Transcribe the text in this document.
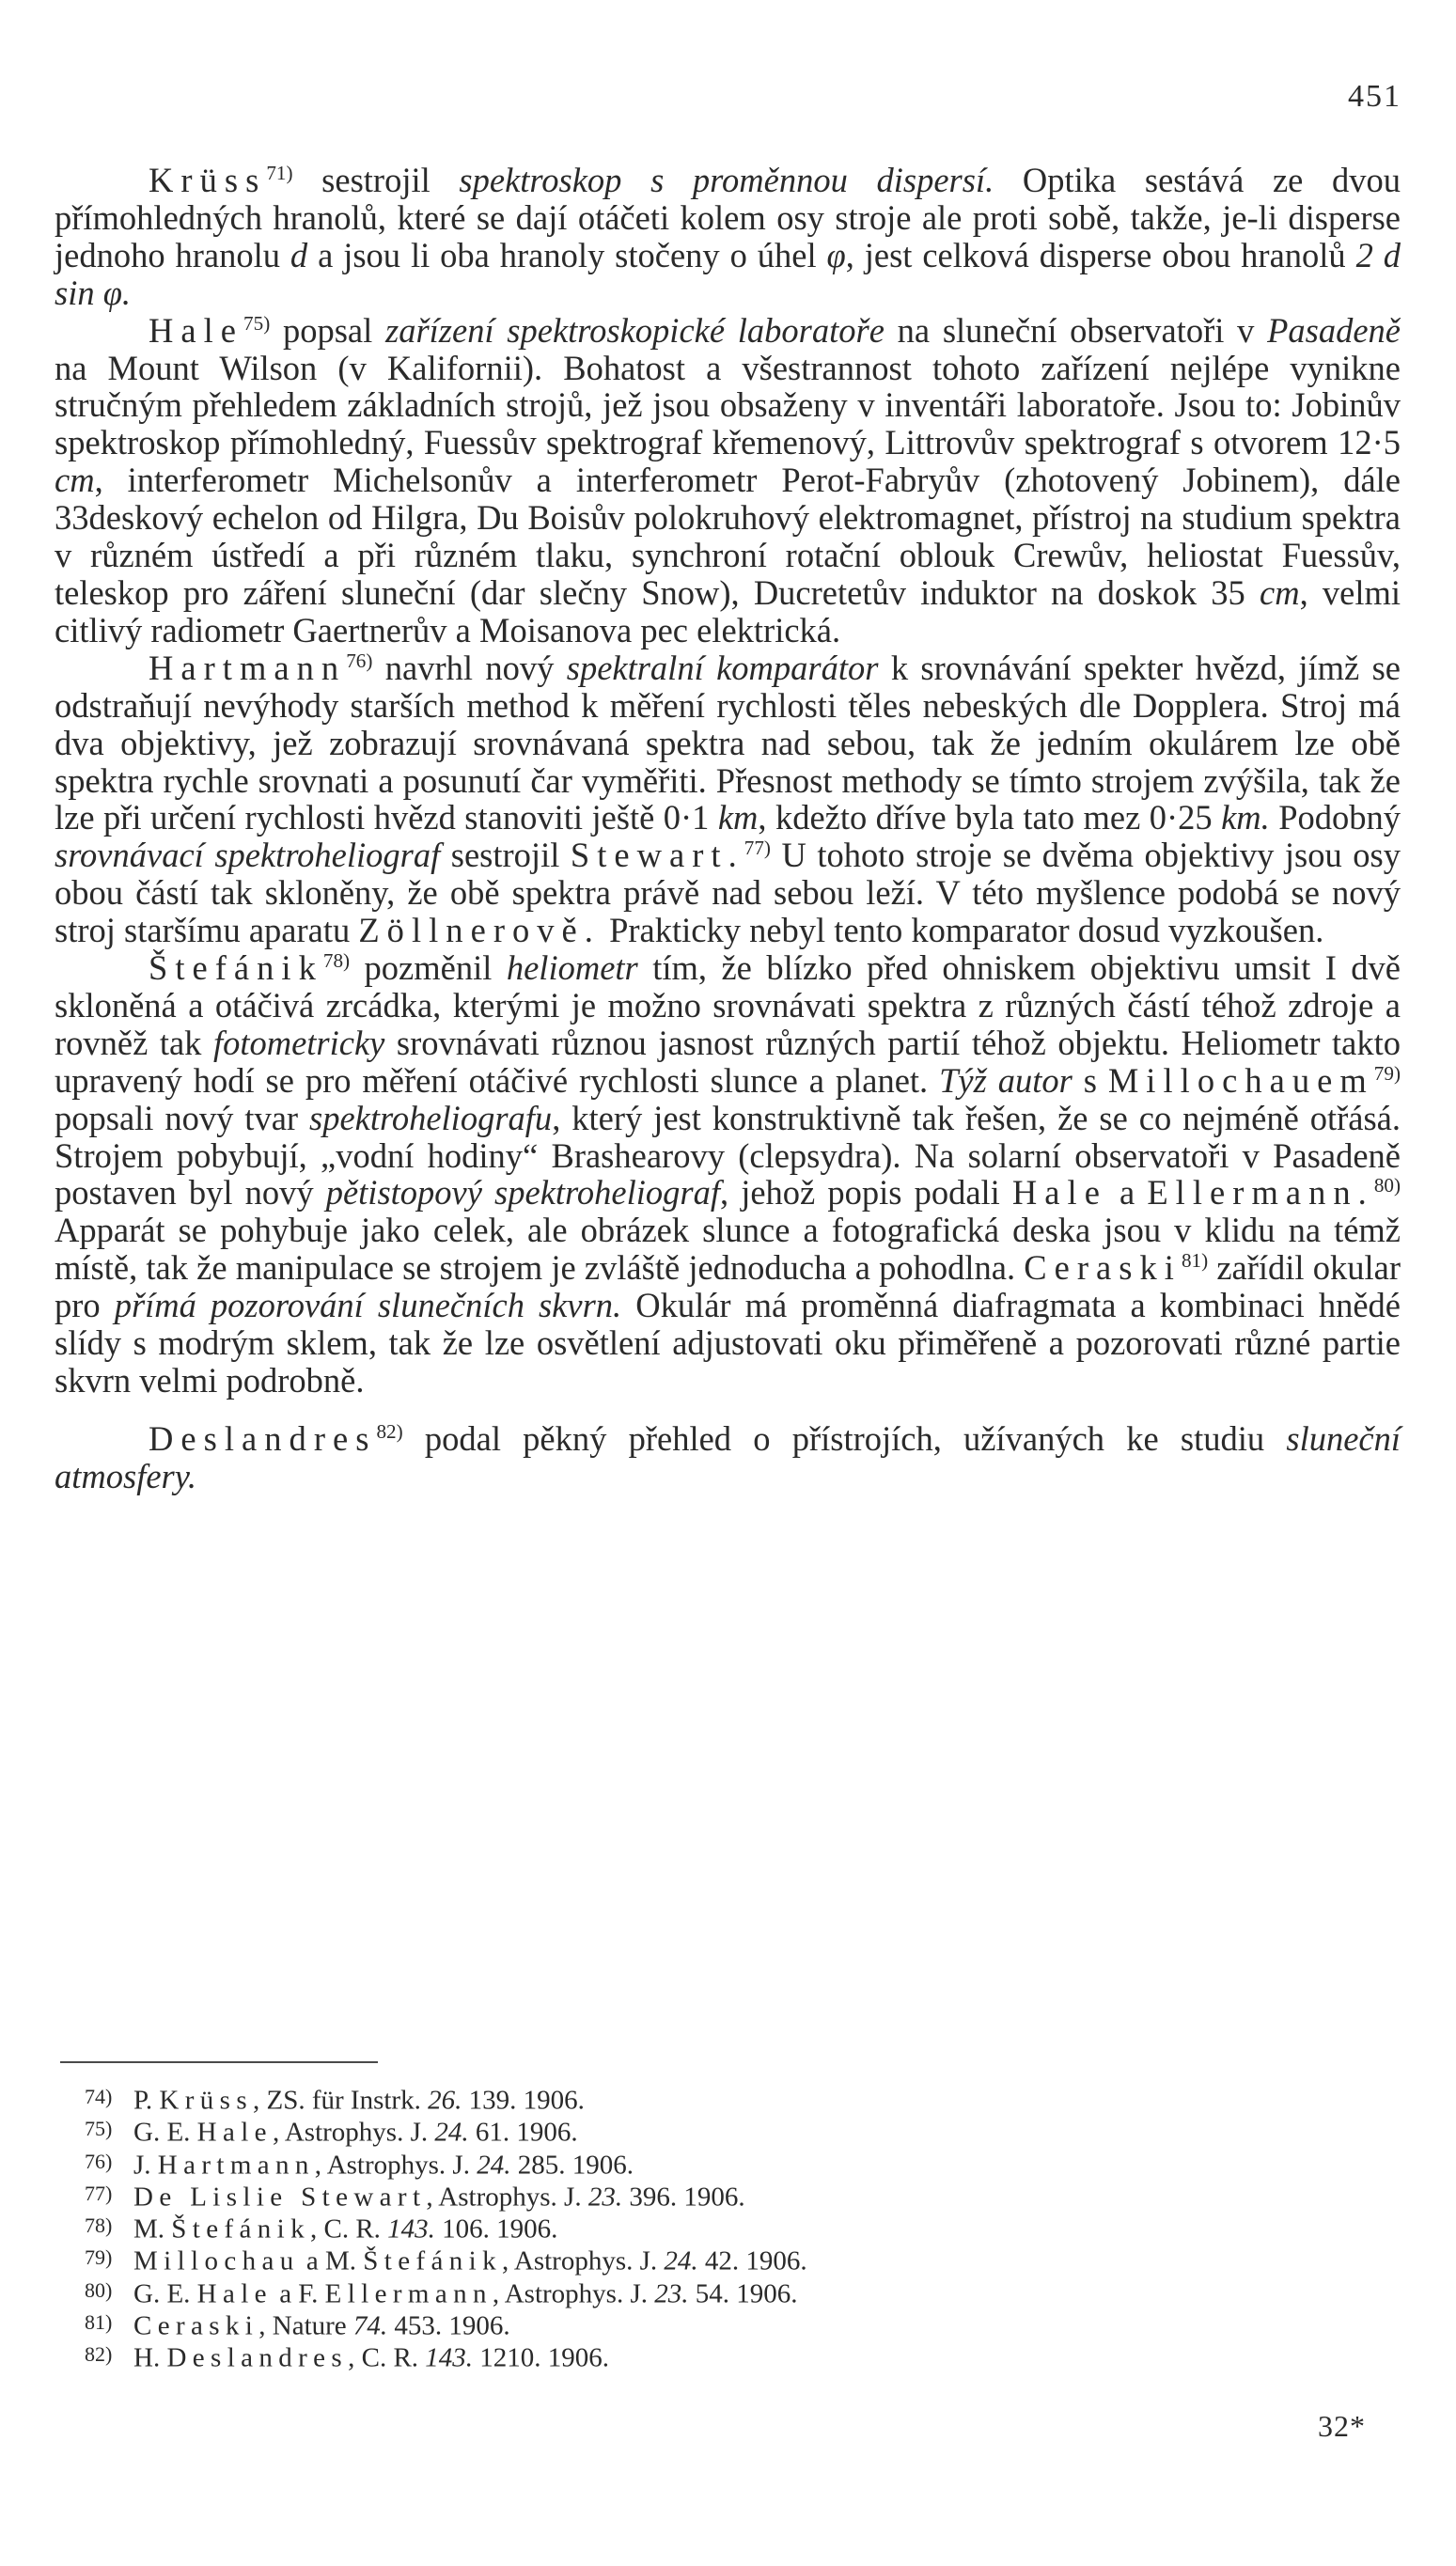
451

Krüss$^{71)}$ sestrojil spektroskop s proměnnou dispersí. Optika sestává ze dvou přímohledných hranolů, které se dají otáčeti kolem osy stroje ale proti sobě, takže, je-li disperse jednoho hranolu d a jsou li oba hranoly stočeny o úhel φ, jest celková disperse obou hranolů 2 d sin φ.

Hale$^{75)}$ popsal zařízení spektroskopické laboratoře na sluneční observatoři v Pasadeně na Mount Wilson (v Kalifornii). Bohatost a všestrannost tohoto zařízení nejlépe vynikne stručným přehledem základních strojů, jež jsou obsaženy v inventáři laboratoře. Jsou to: Jobinův spektroskop přímohledný, Fuessův spektrograf křemenový, Littrovův spektrograf s otvorem 12·5 cm, interferometr Michelsonův a interferometr Perot-Fabryův (zhotovený Jobinem), dále 33deskový echelon od Hilgra, Du Boisův polokruhový elektromagnet, přístroj na studium spektra v různém ústředí a při různém tlaku, synchroní rotační oblouk Crewův, heliostat Fuessův, teleskop pro záření sluneční (dar slečny Snow), Ducretetův induktor na doskok 35 cm, velmi citlivý radiometr Gaertnerův a Moisanova pec elektrická.

Hartmann$^{76)}$ navrhl nový spektralní komparátor k srovnávání spekter hvězd, jímž se odstraňují nevýhody starších method k měření rychlosti těles nebeských dle Dopplera. Stroj má dva objektivy, jež zobrazují srovnávaná spektra nad sebou, tak že jedním okulárem lze obě spektra rychle srovnati a posunutí čar vyměřiti. Přesnost methody se tímto strojem zvýšila, tak že lze při určení rychlosti hvězd stanoviti ještě 0·1 km, kdežto dříve byla tato mez 0·25 km. Podobný srovnávací spektroheliograf sestrojil Stewart.$^{77)}$ U tohoto stroje se dvěma objektivy jsou osy obou částí tak skloněny, že obě spektra právě nad sebou leží. V této myšlence podobá se nový stroj staršímu aparatu Zöllnerově. Prakticky nebyl tento komparator dosud vyzkoušen.

Štefánik$^{78)}$ pozměnil heliometr tím, že blízko před ohniskem objektivu umsit I dvě skloněná a otáčivá zrcádka, kterými je možno srovnávati spektra z různých částí téhož zdroje a rovněž tak fotometricky srovnávati různou jasnost různých partií téhož objektu. Heliometr takto upravený hodí se pro měření otáčivé rychlosti slunce a planet. Týž autor s Millochauem$^{79)}$ popsali nový tvar spektroheliografu, který jest konstruktivně tak řešen, že se co nejméně otřásá. Strojem pobybují, „vodní hodiny“ Brashearovy (clepsydra). Na solarní observatoři v Pasadeně postaven byl nový pětistopový spektroheliograf, jehož popis podali Hale a Ellermann.$^{80)}$ Apparát se pohybuje jako celek, ale obrázek slunce a fotografická deska jsou v klidu na témž místě, tak že manipulace se strojem je zvláště jednoducha a pohodlna. Ceraski$^{81)}$ zařídil okular pro přímá pozorování slunečních skvrn. Okulár má proměnná diafragmata a kombinaci hnědé slídy s modrým sklem, tak že lze osvětlení adjustovati oku přiměřeně a pozorovati různé partie skvrn velmi podrobně.

Deslandres$^{82)}$ podal pěkný přehled o přístrojích, užívaných ke studiu sluneční atmosfery.

74) P. Krüss, ZS. für Instrk. 26. 139. 1906.
75) G. E. Hale, Astrophys. J. 24. 61. 1906.
76) J. Hartmann, Astrophys. J. 24. 285. 1906.
77) De Lislie Stewart, Astrophys. J. 23. 396. 1906.
78) M. Štefánik, C. R. 143. 106. 1906.
79) Millochau a M. Štefánik, Astrophys. J. 24. 42. 1906.
80) G. E. Hale a F. Ellermann, Astrophys. J. 23. 54. 1906.
81) Ceraski, Nature 74. 453. 1906.
82) H. Deslandres, C. R. 143. 1210. 1906.
32*
